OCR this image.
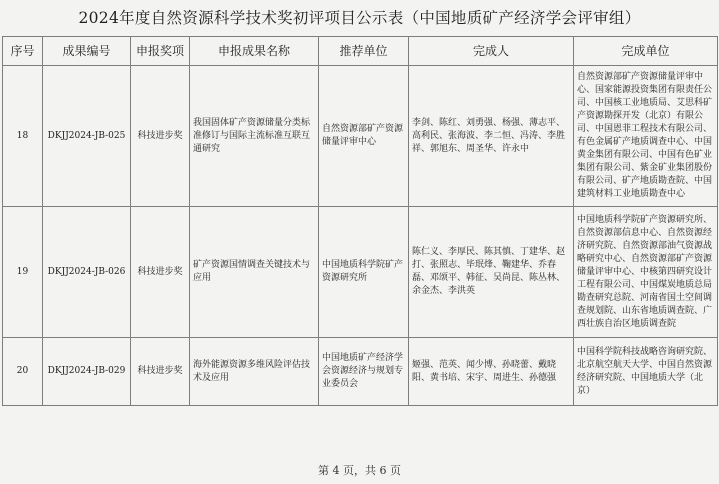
2024年度自然资源科学技术奖初评项目公示表（中国地质矿产经济学会评审组）
序号	成果编号	申报奖项	申报成果名称	推荐单位	完成人	完成单位
18	DKJJ2024-JB-025	科技进步奖	我国固体矿产资源储量分类标准修订与国际主流标准互联互通研究	自然资源部矿产资源储量评审中心	李剑、陈红、刘勇强、杨强、薄志平、高利民、张海波、李二恒、冯涛、李胜祥、郭旭东、周圣华、许永中	自然资源部矿产资源储量评审中心、国家能源投资集团有限责任公司、中国核工业地质局、艾思科矿产资源勘探开发（北京）有限公司、中国恩菲工程技术有限公司、有色金属矿产地质调查中心、中国黄金集团有限公司、中国有色矿业集团有限公司、紫金矿业集团股份有限公司、矿产地质勘查院、中国建筑材料工业地质勘查中心
19	DKJJ2024-JB-026	科技进步奖	矿产资源国情调查关键技术与应用	中国地质科学院矿产资源研究所	陈仁义、李厚民、陈其慎、丁建华、赵打、张照志、毕珉烽、鞠建华、乔春磊、邓颂平、韩征、吴尚昆、陈丛林、余金杰、李洪英	中国地质科学院矿产资源研究所、自然资源部信息中心、自然资源经济研究院、自然资源部油气资源战略研究中心、自然资源部矿产资源储量评审中心、中核第四研究设计工程有限公司、中国煤炭地质总局勘查研究总院、河南省国土空间调查规划院、山东省地质调查院、广西壮族自治区地质调查院
20	DKJJ2024-JB-029	科技进步奖	海外能源资源多维风险评估技术及应用	中国地质矿产经济学会资源经济与规划专业委员会	姬强、范英、闻少博、孙晓蕾、戴晓阳、黄书培、宋宇、周进生、孙德强	中国科学院科技战略咨询研究院、北京航空航天大学、中国自然资源经济研究院、中国地质大学（北京）
第 4 页，共 6 页
